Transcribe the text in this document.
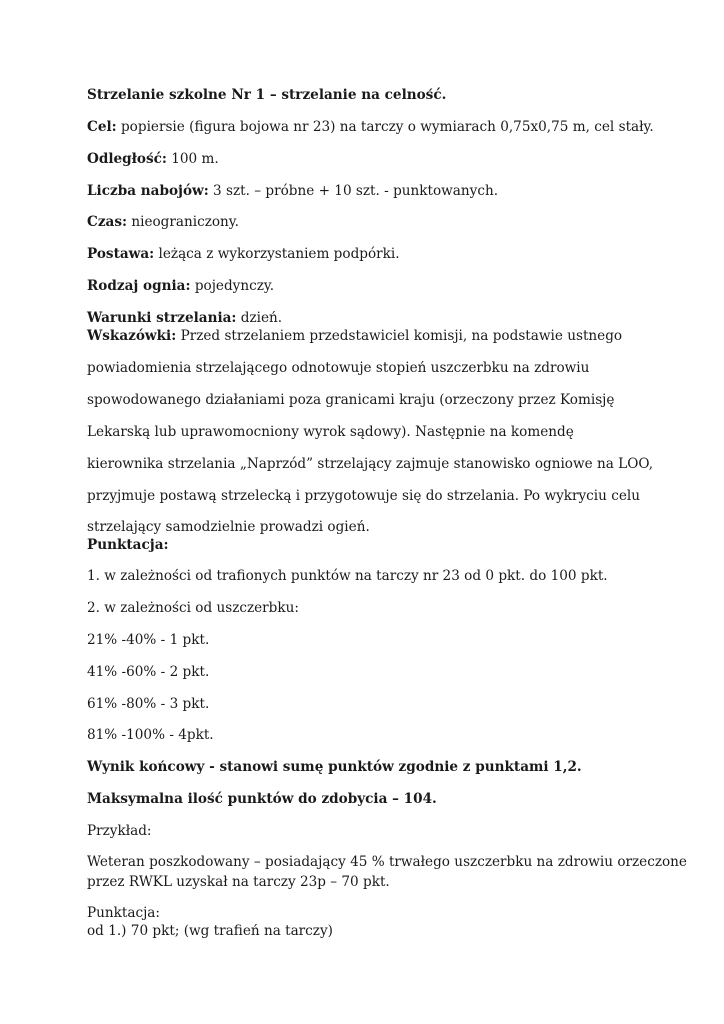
Strzelanie szkolne Nr 1 – strzelanie na celność.
Cel: popiersie (figura bojowa nr 23) na tarczy o wymiarach 0,75x0,75 m, cel stały.
Odległość: 100 m.
Liczba nabojów: 3 szt. – próbne + 10 szt. - punktowanych.
Czas: nieograniczony.
Postawa: leżąca z wykorzystaniem podpórki.
Rodzaj ognia: pojedynczy.
Warunki strzelania: dzień.
Wskazówki: Przed strzelaniem przedstawiciel komisji, na podstawie ustnego
powiadomienia strzelającego odnotowuje stopień uszczerbku na zdrowiu
spowodowanego działaniami poza granicami kraju (orzeczony przez Komisję
Lekarską lub uprawomocniony wyrok sądowy). Następnie na komendę
kierownika strzelania „Naprzód” strzelający zajmuje stanowisko ogniowe na LOO,
przyjmuje postawą strzelecką i przygotowuje się do strzelania. Po wykryciu celu
strzelający samodzielnie prowadzi ogień.
Punktacja:
1. w zależności od trafionych punktów na tarczy nr 23 od 0 pkt. do 100 pkt.
2. w zależności od uszczerbku:
21% -40% - 1 pkt.
41% -60% - 2 pkt.
61% -80% - 3 pkt.
81% -100% - 4pkt.
Wynik końcowy - stanowi sumę punktów zgodnie z punktami 1,2.
Maksymalna ilość punktów do zdobycia – 104.
Przykład:
Weteran poszkodowany – posiadający 45 % trwałego uszczerbku na zdrowiu orzeczone
przez RWKL uzyskał na tarczy 23p – 70 pkt.
Punktacja:
od 1.) 70 pkt; (wg trafień na tarczy)
